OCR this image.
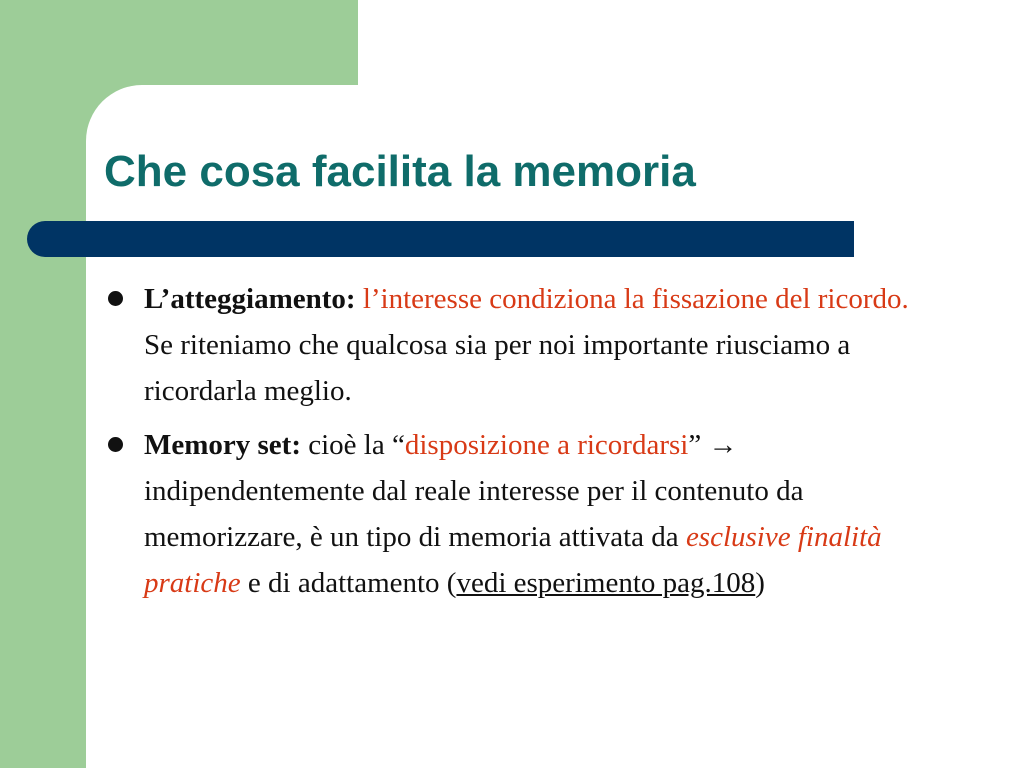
Che cosa facilita la memoria
L’atteggiamento: l’interesse condiziona la fissazione del ricordo. Se riteniamo che qualcosa sia per noi importante riusciamo a ricordarla meglio.
Memory set: cioè la “disposizione a ricordarsi” → indipendentemente dal reale interesse per il contenuto da memorizzare, è un tipo di memoria attivata da esclusive finalità pratiche e di adattamento (vedi esperimento pag.108)
